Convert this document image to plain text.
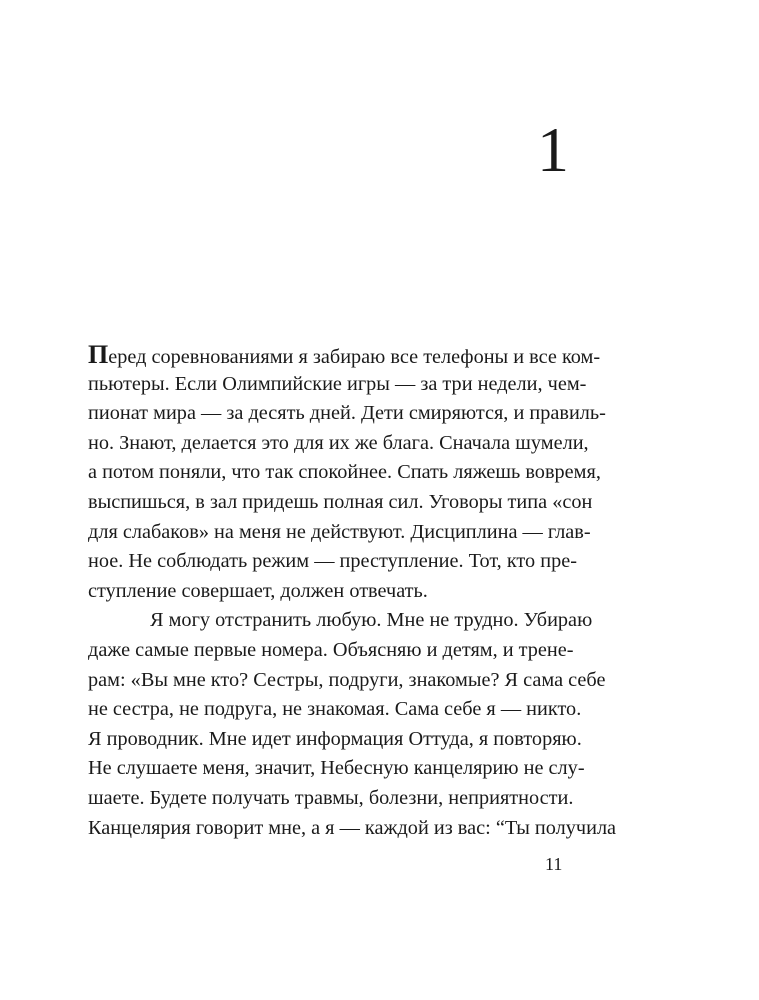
1
Перед соревнованиями я забираю все телефоны и все ком-
пьютеры. Если Олимпийские игры — за три недели, чем-
пионат мира — за десять дней. Дети смиряются, и правиль-
но. Знают, делается это для их же блага. Сначала шумели,
а потом поняли, что так спокойнее. Спать ляжешь вовремя,
выспишься, в зал придешь полная сил. Уговоры типа «сон
для слабаков» на меня не действуют. Дисциплина — глав-
ное. Не соблюдать режим — преступление. Тот, кто пре-
ступление совершает, должен отвечать.
Я могу отстранить любую. Мне не трудно. Убираю
даже самые первые номера. Объясняю и детям, и трене-
рам: «Вы мне кто? Сестры, подруги, знакомые? Я сама себе
не сестра, не подруга, не знакомая. Сама себе я — никто.
Я проводник. Мне идет информация Оттуда, я повторяю.
Не слушаете меня, значит, Небесную канцелярию не слу-
шаете. Будете получать травмы, болезни, неприятности.
Канцелярия говорит мне, а я — каждой из вас: “Ты получила
11
